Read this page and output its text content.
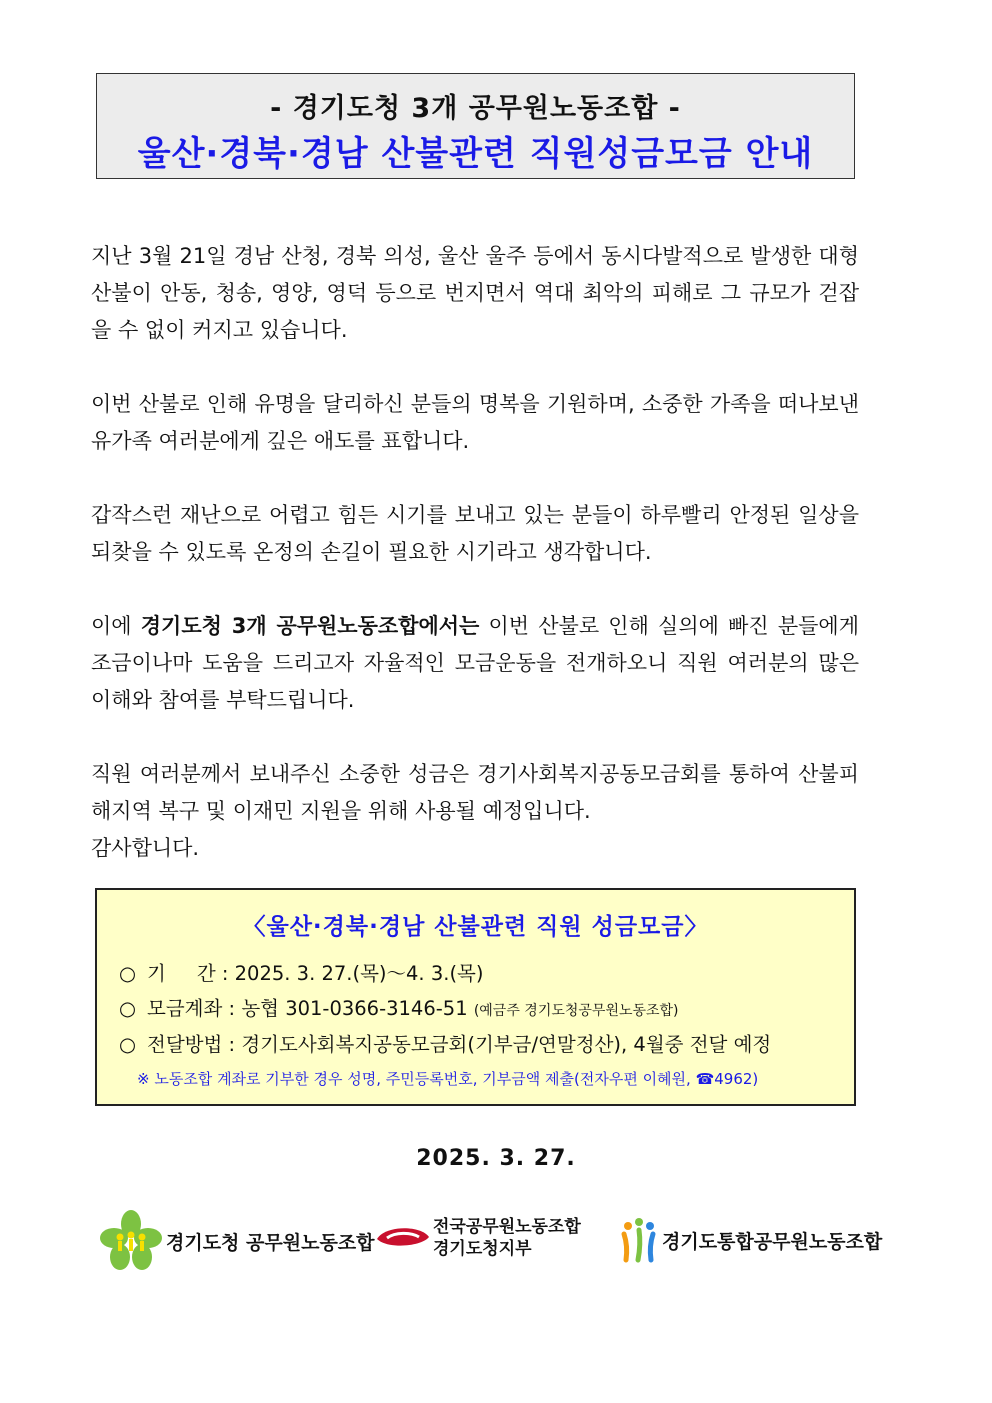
- 경기도청 3개 공무원노동조합 -
울산·경북·경남 산불관련 직원성금모금 안내

지난 3월 21일 경남 산청, 경북 의성, 울산 울주 등에서 동시다발적으로 발생한 대형 산불이 안동, 청송, 영양, 영덕 등으로 번지면서 역대 최악의 피해로 그 규모가 걷잡을 수 없이 커지고 있습니다.

이번 산불로 인해 유명을 달리하신 분들의 명복을 기원하며, 소중한 가족을 떠나보낸 유가족 여러분에게 깊은 애도를 표합니다.

갑작스런 재난으로 어렵고 힘든 시기를 보내고 있는 분들이 하루빨리 안정된 일상을 되찾을 수 있도록 온정의 손길이 필요한 시기라고 생각합니다.

이에 경기도청 3개 공무원노동조합에서는 이번 산불로 인해 실의에 빠진 분들에게 조금이나마 도움을 드리고자 자율적인 모금운동을 전개하오니 직원 여러분의 많은 이해와 참여를 부탁드립니다.

직원 여러분께서 보내주신 소중한 성금은 경기사회복지공동모금회를 통하여 산불피해지역 복구 및 이재민 지원을 위해 사용될 예정입니다.

감사합니다.

〈울산·경북·경남 산불관련 직원 성금모금〉
○ 기     간 : 2025. 3. 27.(목)～4. 3.(목)
○ 모금계좌 : 농협 301-0366-3146-51 (예금주 경기도청공무원노동조합)
○ 전달방법 : 경기도사회복지공동모금회(기부금/연말정산), 4월중 전달 예정
※ 노동조합 계좌로 기부한 경우 성명, 주민등록번호, 기부금액 제출(전자우편 이혜원, ☎4962)
2025. 3. 27.
경기도청 공무원노동조합
전국공무원노동조합
경기도청지부	경기도통합공무원노동조합
